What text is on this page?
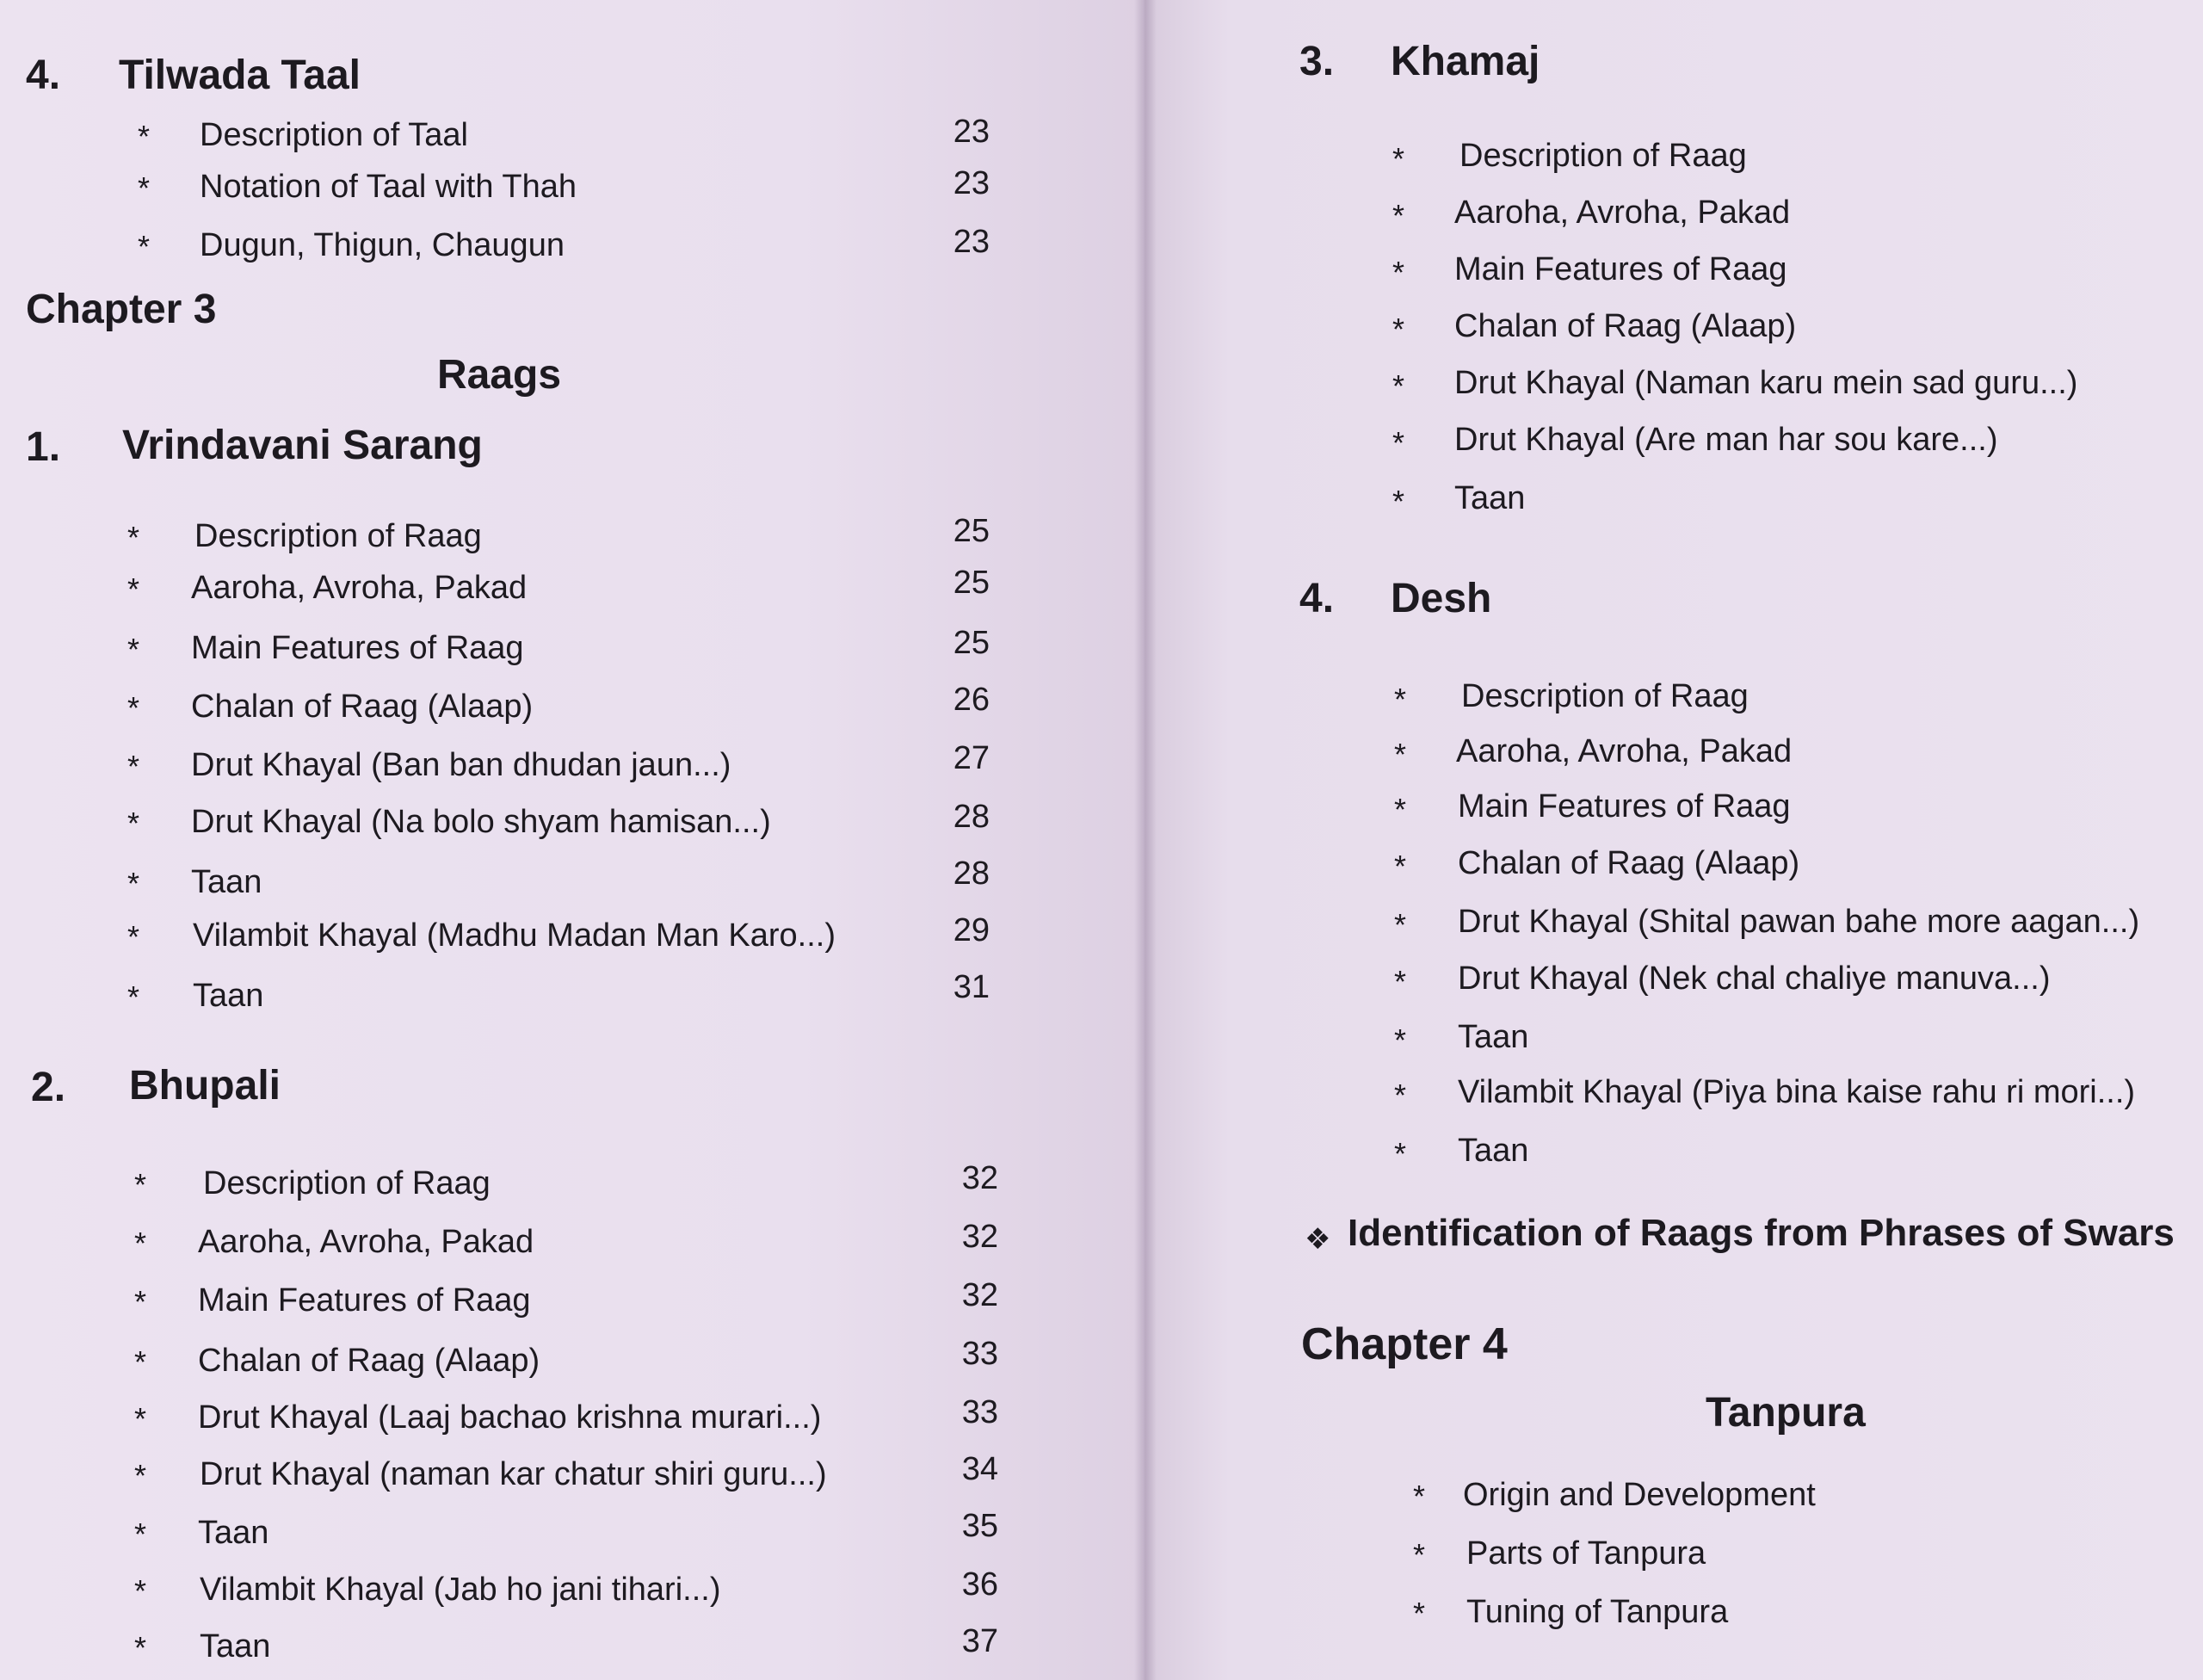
4. Tilwada Taal
* Description of Taal	23
* Notation of Taal with Thah	23
* Dugun, Thigun, Chaugun	23
Chapter 3
Raags
1. Vrindavani Sarang
* Description of Raag	25
* Aaroha, Avroha, Pakad	25
* Main Features of Raag	25
* Chalan of Raag (Alaap)	26
* Drut Khayal (Ban ban dhudan jaun...)	27
* Drut Khayal (Na bolo shyam hamisan...)	28
* Taan	28
* Vilambit Khayal (Madhu Madan Man Karo...)	29
* Taan	31
2. Bhupali
* Description of Raag	32
* Aaroha, Avroha, Pakad	32
* Main Features of Raag	32
* Chalan of Raag (Alaap)	33
* Drut Khayal (Laaj bachao krishna murari...)	33
* Drut Khayal (naman kar chatur shiri guru...)	34
* Taan	35
* Vilambit Khayal (Jab ho jani tihari...)	36
* Taan	37
3. Khamaj
* Description of Raag
* Aaroha, Avroha, Pakad
* Main Features of Raag
* Chalan of Raag (Alaap)
* Drut Khayal (Naman karu mein sad guru...)
* Drut Khayal (Are man har sou kare...)
* Taan
4. Desh
* Description of Raag
* Aaroha, Avroha, Pakad
* Main Features of Raag
* Chalan of Raag (Alaap)
* Drut Khayal (Shital pawan bahe more aagan...)
* Drut Khayal (Nek chal chaliye manuva...)
* Taan
* Vilambit Khayal (Piya bina kaise rahu ri mori...)
* Taan
❖ Identification of Raags from Phrases of Swars
Chapter 4
Tanpura
* Origin and Development
* Parts of Tanpura
* Tuning of Tanpura
